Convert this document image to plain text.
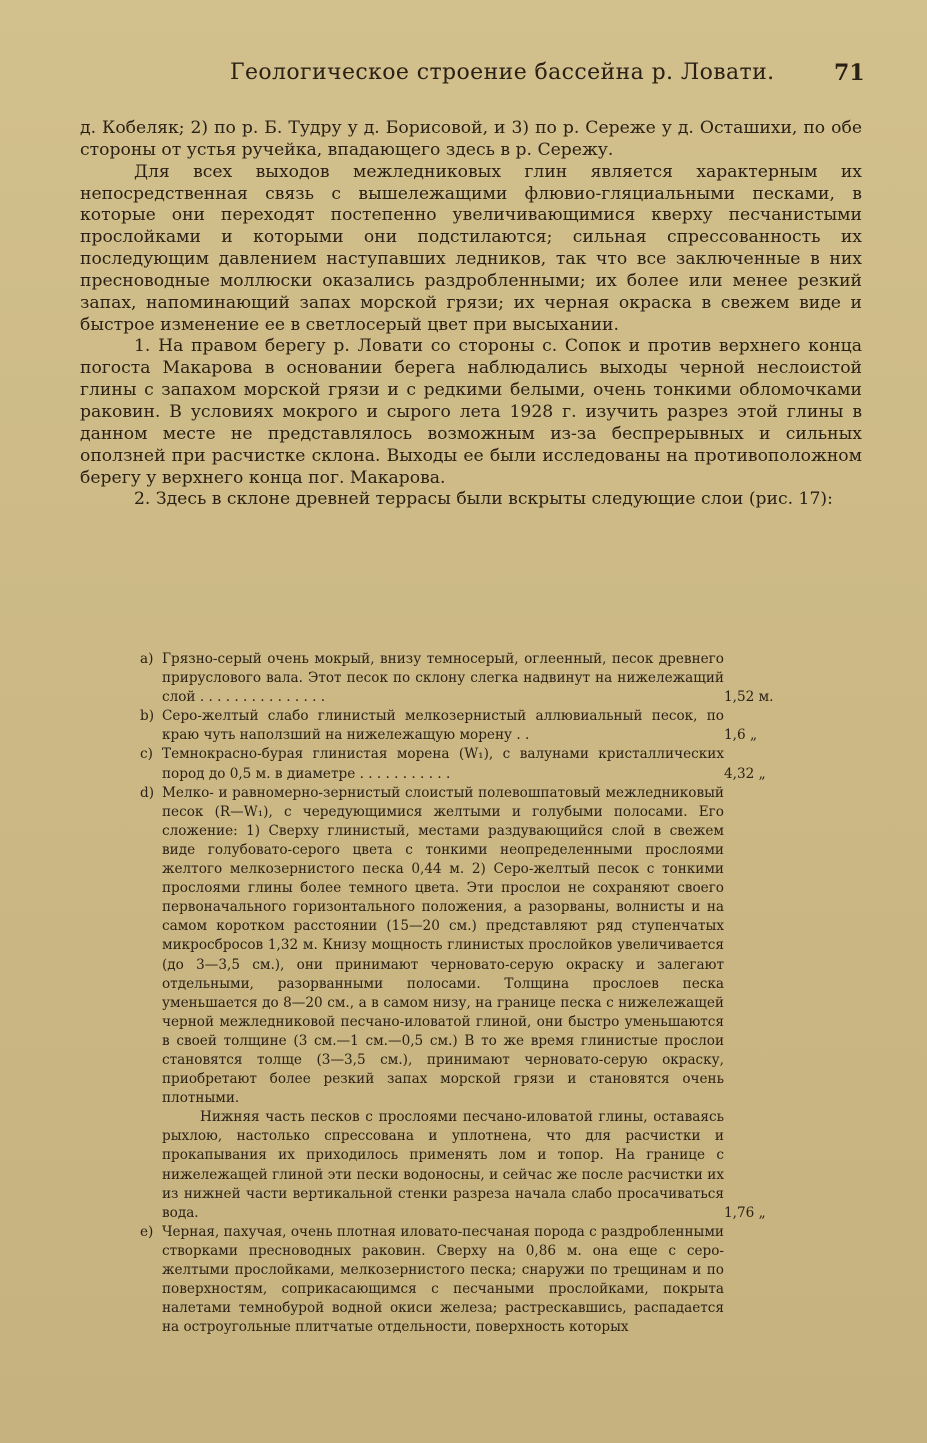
Геологическое строение бассейна р. Ловати.	71

д. Кобеляк; 2) по р. Б. Тудру у д. Борисовой, и 3) по р. Сереже у д. Осташихи, по обе стороны от устья ручейка, впадающего здесь в р. Сережу.

Для всех выходов межледниковых глин является характерным их непосредственная связь с вышележащими флювио-гляциальными песками, в которые они переходят постепенно увеличивающимися кверху песчанистыми прослойками и которыми они подстилаются; сильная спрессованность их последующим давлением наступавших ледников, так что все заключенные в них пресноводные моллюски оказались раздробленными; их более или менее резкий запах, напоминающий запах морской грязи; их черная окраска в свежем виде и быстрое изменение ее в светлосерый цвет при высыхании.

1. На правом берегу р. Ловати со стороны с. Сопок и против верхнего конца погоста Макарова в основании берега наблюдались выходы черной неслоистой глины с запахом морской грязи и с редкими белыми, очень тонкими обломочками раковин. В условиях мокрого и сырого лета 1928 г. изучить разрез этой глины в данном месте не представлялось возможным из-за беспрерывных и сильных оползней при расчистке склона. Выходы ее были исследованы на противоположном берегу у верхнего конца пог. Макарова.

2. Здесь в склоне древней террасы были вскрыты следующие слои (рис. 17):

a) Грязно-серый очень мокрый, внизу темносерый, оглеенный, песок древнего прируслового вала. Этот песок по склону слегка надвинут на нижележащий слой . . . . . . . . . . . . . . .	1,52 м.
b) Серо-желтый слабо глинистый мелкозернистый аллювиальный песок, по краю чуть наползший на нижележащую морену . .	1,6 „
c) Темнокрасно-бурая глинистая морена (W₁), с валунами кристаллических пород до 0,5 м. в диаметре . . . . . . . . . . .	4,32 „
d) Мелко- и равномерно-зернистый слоистый полевошпатовый межледниковый песок (R—W₁), с чередующимися желтыми и голубыми полосами. Его сложение: 1) Сверху глинистый, местами раздувающийся слой в свежем виде голубовато-серого цвета с тонкими неопределенными прослоями желтого мелкозернистого песка 0,44 м. 2) Серо-желтый песок с тонкими прослоями глины более темного цвета. Эти прослои не сохраняют своего первоначального горизонтального положения, а разорваны, волнисты и на самом коротком расстоянии (15—20 см.) представляют ряд ступенчатых микросбросов 1,32 м. Книзу мощность глинистых прослойков увеличивается (до 3—3,5 см.), они принимают черновато-серую окраску и залегают отдельными, разорванными полосами. Толщина прослоев песка уменьшается до 8—20 см., а в самом низу, на границе песка с нижележащей черной межледниковой песчано-иловатой глиной, они быстро уменьшаются в своей толщине (3 см.—1 см.—0,5 см.) В то же время глинистые прослои становятся толще (3—3,5 см.), принимают черновато-серую окраску, приобретают более резкий запах морской грязи и становятся очень плотными.
Нижняя часть песков с прослоями песчано-иловатой глины, оставаясь рыхлою, настолько спрессована и уплотнена, что для расчистки и прокапывания их приходилось применять лом и топор. На границе с нижележащей глиной эти пески водоносны, и сейчас же после расчистки их из нижней части вертикальной стенки разреза начала слабо просачиваться вода.	1,76 „
e) Черная, пахучая, очень плотная иловато-песчаная порода с раздробленными створками пресноводных раковин. Сверху на 0,86 м. она еще с серо-желтыми прослойками, мелкозернистого песка; снаружи по трещинам и по поверхностям, соприкасающимся с песчаными прослойками, покрыта налетами темнобурой водной окиси железа; растрескавшись, распадается на остроугольные плитчатые отдельности, поверхность которых
